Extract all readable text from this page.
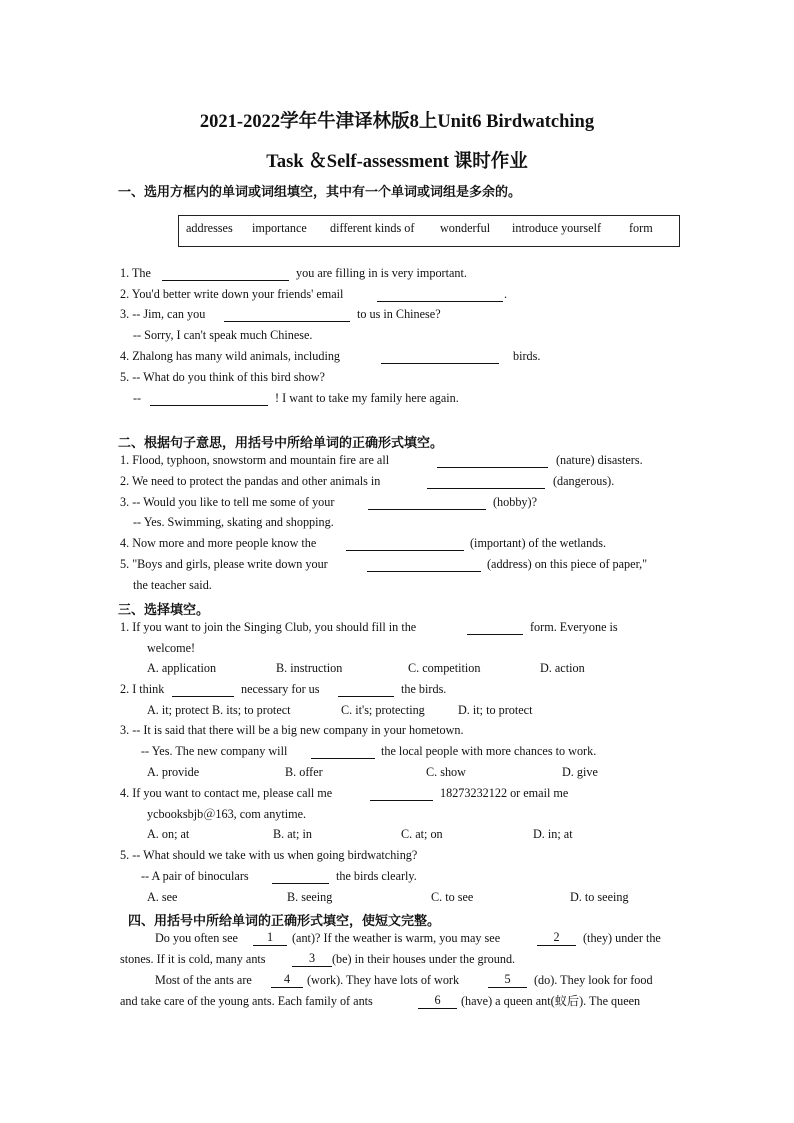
2021-2022学年牛津译林版8上Unit6 Birdwatching
Task ＆Self-assessment 课时作业
一、选用方框内的单词或词组填空，其中有一个单词或词组是多余的。
addresses importance different kinds of wonderful introduce yourself form
1. The	you are filling in is very important.
2. You'd better write down your friends' email	.
3. -- Jim, can you	to us in Chinese?
-- Sorry, I can't speak much Chinese.
4. Zhalong has many wild animals, including	birds.
5. -- What do you think of this bird show?
--	! I want to take my family here again.
二、根据句子意思，用括号中所给单词的正确形式填空。
1. Flood, typhoon, snowstorm and mountain fire are all	(nature) disasters.
2. We need to protect the pandas and other animals in	(dangerous).
3. -- Would you like to tell me some of your	(hobby)?
-- Yes. Swimming, skating and shopping.
4. Now more and more people know the	(important) of the wetlands.
5. "Boys and girls, please write down your	(address) on this piece of paper,"
the teacher said.
三、选择填空。
1. If you want to join the Singing Club, you should fill in the	form. Everyone is
welcome!
A. application	B. instruction	C. competition	D. action
2. I think	necessary for us	the birds.
A. it; protect B. its; to protect	C. it's; protecting	D. it; to protect
3. -- It is said that there will be a big new company in your hometown.
-- Yes. The new company will	the local people with more chances to work.
A. provide	B. offer	C. show	D. give
4. If you want to contact me, please call me	18273232122 or email me
ycbooksbjb＠163, com anytime.
A. on; at	B. at; in	C. at; on	D. in; at
5. -- What should we take with us when going birdwatching?
-- A pair of binoculars	the birds clearly.
A. see	B. seeing	C. to see	D. to seeing
四、用括号中所给单词的正确形式填空，使短文完整。
Do you often see	1	(ant)? If the weather is warm, you may see	2	(they) under the
stones. If it is cold, many ants	3	(be) in their houses under the ground.
Most of the ants are	4	(work). They have lots of work	5	(do). They look for food
and take care of the young ants. Each family of ants	6	(have) a queen ant(蚁后). The queen
